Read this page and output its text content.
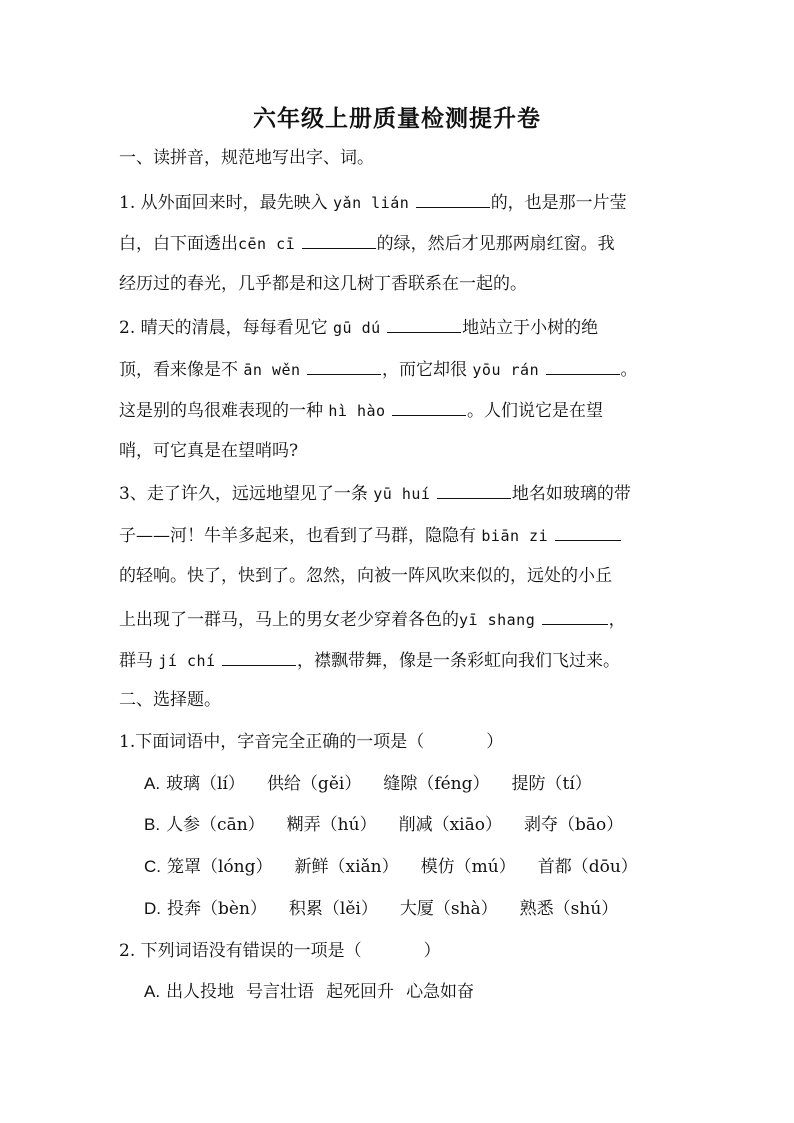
六年级上册质量检测提升卷

一、读拼音，规范地写出字、词。

1. 从外面回来时，最先映入 yǎn lián	的，也是那一片莹

白，白下面透出cēn cī	的绿，然后才见那两扇红窗。我

经历过的春光，几乎都是和这几树丁香联系在一起的。

2. 晴天的清晨，每每看见它 gū dú	地站立于小树的绝

顶，看来像是不 ān wěn	，而它却很 yōu rán	。

这是别的鸟很难表现的一种 hì hào	。人们说它是在望

哨，可它真是在望哨吗?

3、走了许久，远远地望见了一条 yū huí	地名如玻璃的带

子——河！牛羊多起来，也看到了马群，隐隐有 biān zi

的轻响。快了，快到了。忽然，向被一阵风吹来似的，远处的小丘

上出现了一群马，马上的男女老少穿着各色的yī shang	，

群马 jí chí	，襟飘带舞，像是一条彩虹向我们飞过来。

二、选择题。

1.下面词语中，字音完全正确的一项是（	）

A. 玻璃（lí） 供给（gěi） 缝隙（féng） 提防（tí）

B. 人参（cān） 糊弄（hú） 削减（xiāo） 剥夺（bāo）

C. 笼罩（lóng） 新鲜（xiǎn） 模仿（mú） 首都（dōu）

D. 投奔（bèn） 积累（lěi） 大厦（shà） 熟悉（shú）

2. 下列词语没有错误的一项是（	）

A. 出人投地 号言壮语 起死回升 心急如奋
